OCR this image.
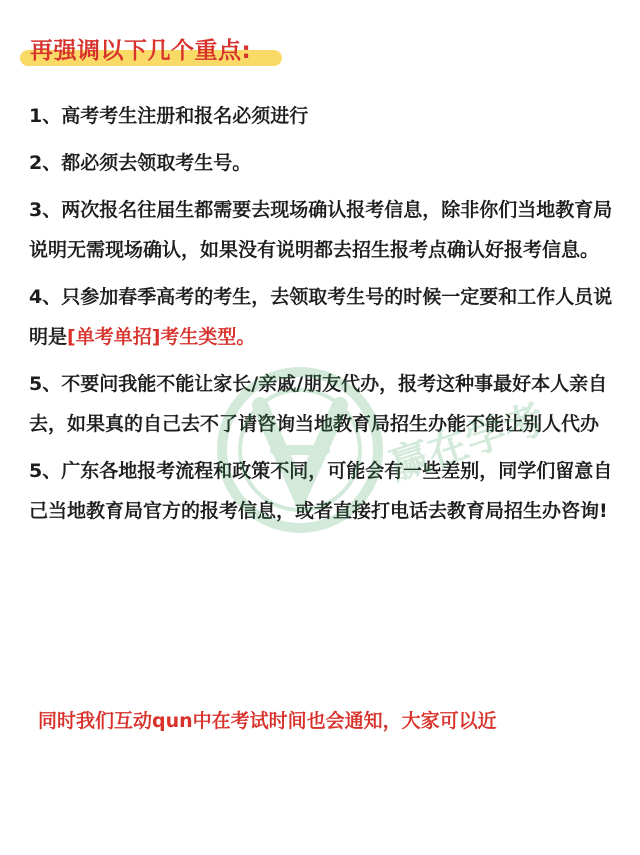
再强调以下几个重点:
1、高考考生注册和报名必须进行
2、都必须去领取考生号。
3、两次报名往届生都需要去现场确认报考信息，除非你们当地教育局说明无需现场确认，如果没有说明都去招生报考点确认好报考信息。
4、只参加春季高考的考生，去领取考生号的时候一定要和工作人员说明是[单考单招]考生类型。
5、不要问我能不能让家长/亲戚/朋友代办，报考这种事最好本人亲自去，如果真的自己去不了请咨询当地教育局招生办能不能让别人代办
5、广东各地报考流程和政策不同，可能会有一些差别，同学们留意自己当地教育局官方的报考信息，或者直接打电话去教育局招生办咨询!
同时我们互动qun中在考试时间也会通知，大家可以近
赢在学考
